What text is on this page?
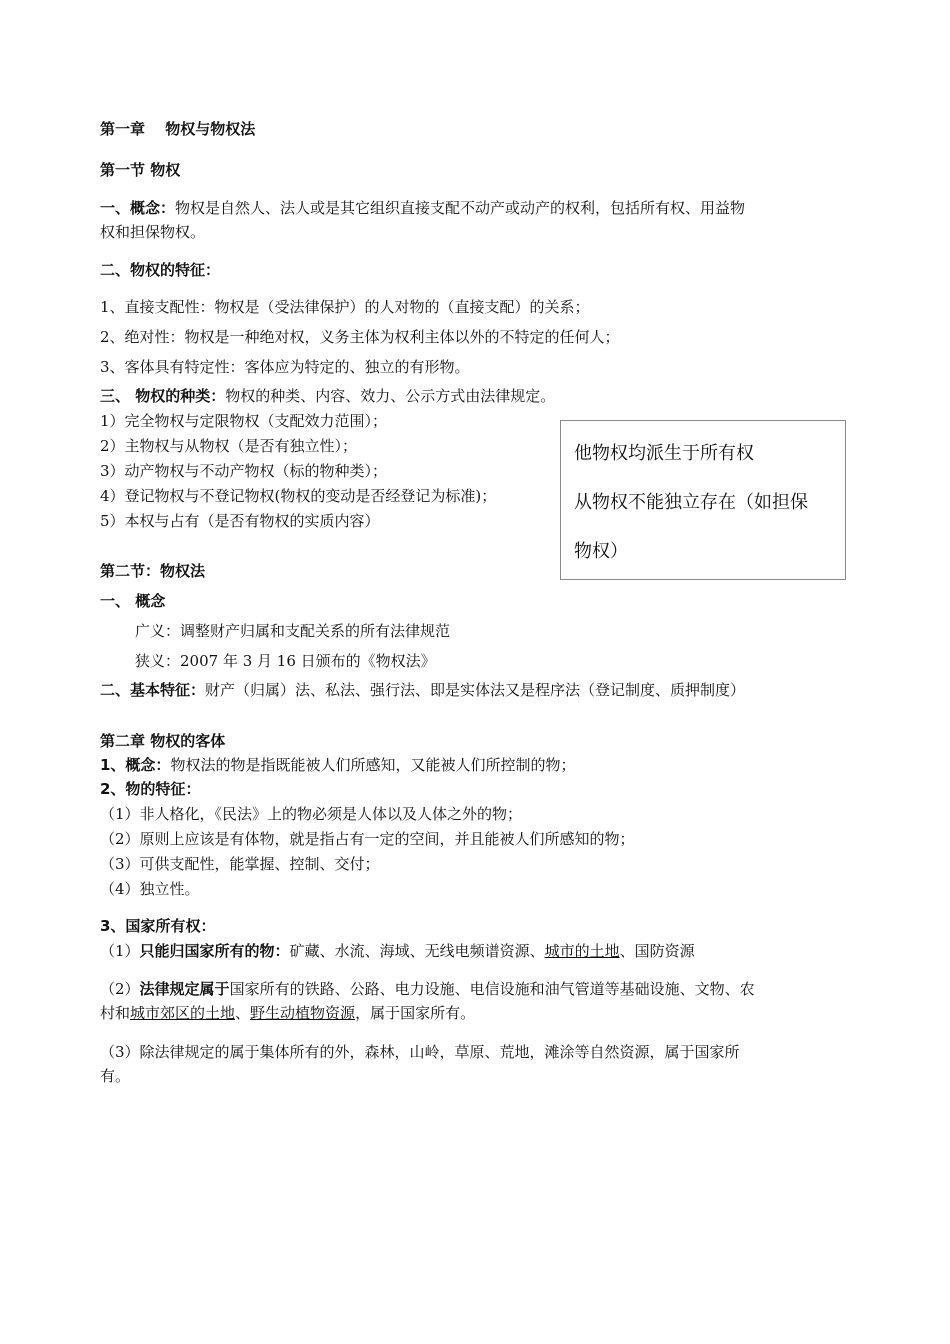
第一章　 物权与物权法
第一节 物权
一、概念：物权是自然人、法人或是其它组织直接支配不动产或动产的权利，包括所有权、用益物
权和担保物权。
二、物权的特征：
1、直接支配性：物权是（受法律保护）的人对物的（直接支配）的关系；
2、绝对性：物权是一种绝对权，义务主体为权利主体以外的不特定的任何人；
3、客体具有特定性：客体应为特定的、独立的有形物。
三、 物权的种类：物权的种类、内容、效力、公示方式由法律规定。
1）完全物权与定限物权（支配效力范围）；
2）主物权与从物权（是否有独立性）；
3）动产物权与不动产物权（标的物种类）；
4）登记物权与不登记物权(物权的变动是否经登记为标准)；
5）本权与占有（是否有物权的实质内容）
他物权均派生于所有权
从物权不能独立存在（如担保
物权）
第二节：物权法
一、 概念
广义：调整财产归属和支配关系的所有法律规范
狭义：2007 年 3 月 16 日颁布的《物权法》
二、基本特征：财产（归属）法、私法、强行法、即是实体法又是程序法（登记制度、质押制度）
第二章 物权的客体
1、概念：物权法的物是指既能被人们所感知，又能被人们所控制的物；
2、物的特征：
（1）非人格化，《民法》上的物必须是人体以及人体之外的物；
（2）原则上应该是有体物，就是指占有一定的空间，并且能被人们所感知的物；
（3）可供支配性，能掌握、控制、交付；
（4）独立性。
3、国家所有权：
（1）只能归国家所有的物：矿藏、水流、海域、无线电频谱资源、城市的土地、国防资源
（2）法律规定属于国家所有的铁路、公路、电力设施、电信设施和油气管道等基础设施、文物、农
村和城市郊区的土地、野生动植物资源，属于国家所有。
（3）除法律规定的属于集体所有的外，森林，山岭，草原、荒地，滩涂等自然资源，属于国家所
有。
